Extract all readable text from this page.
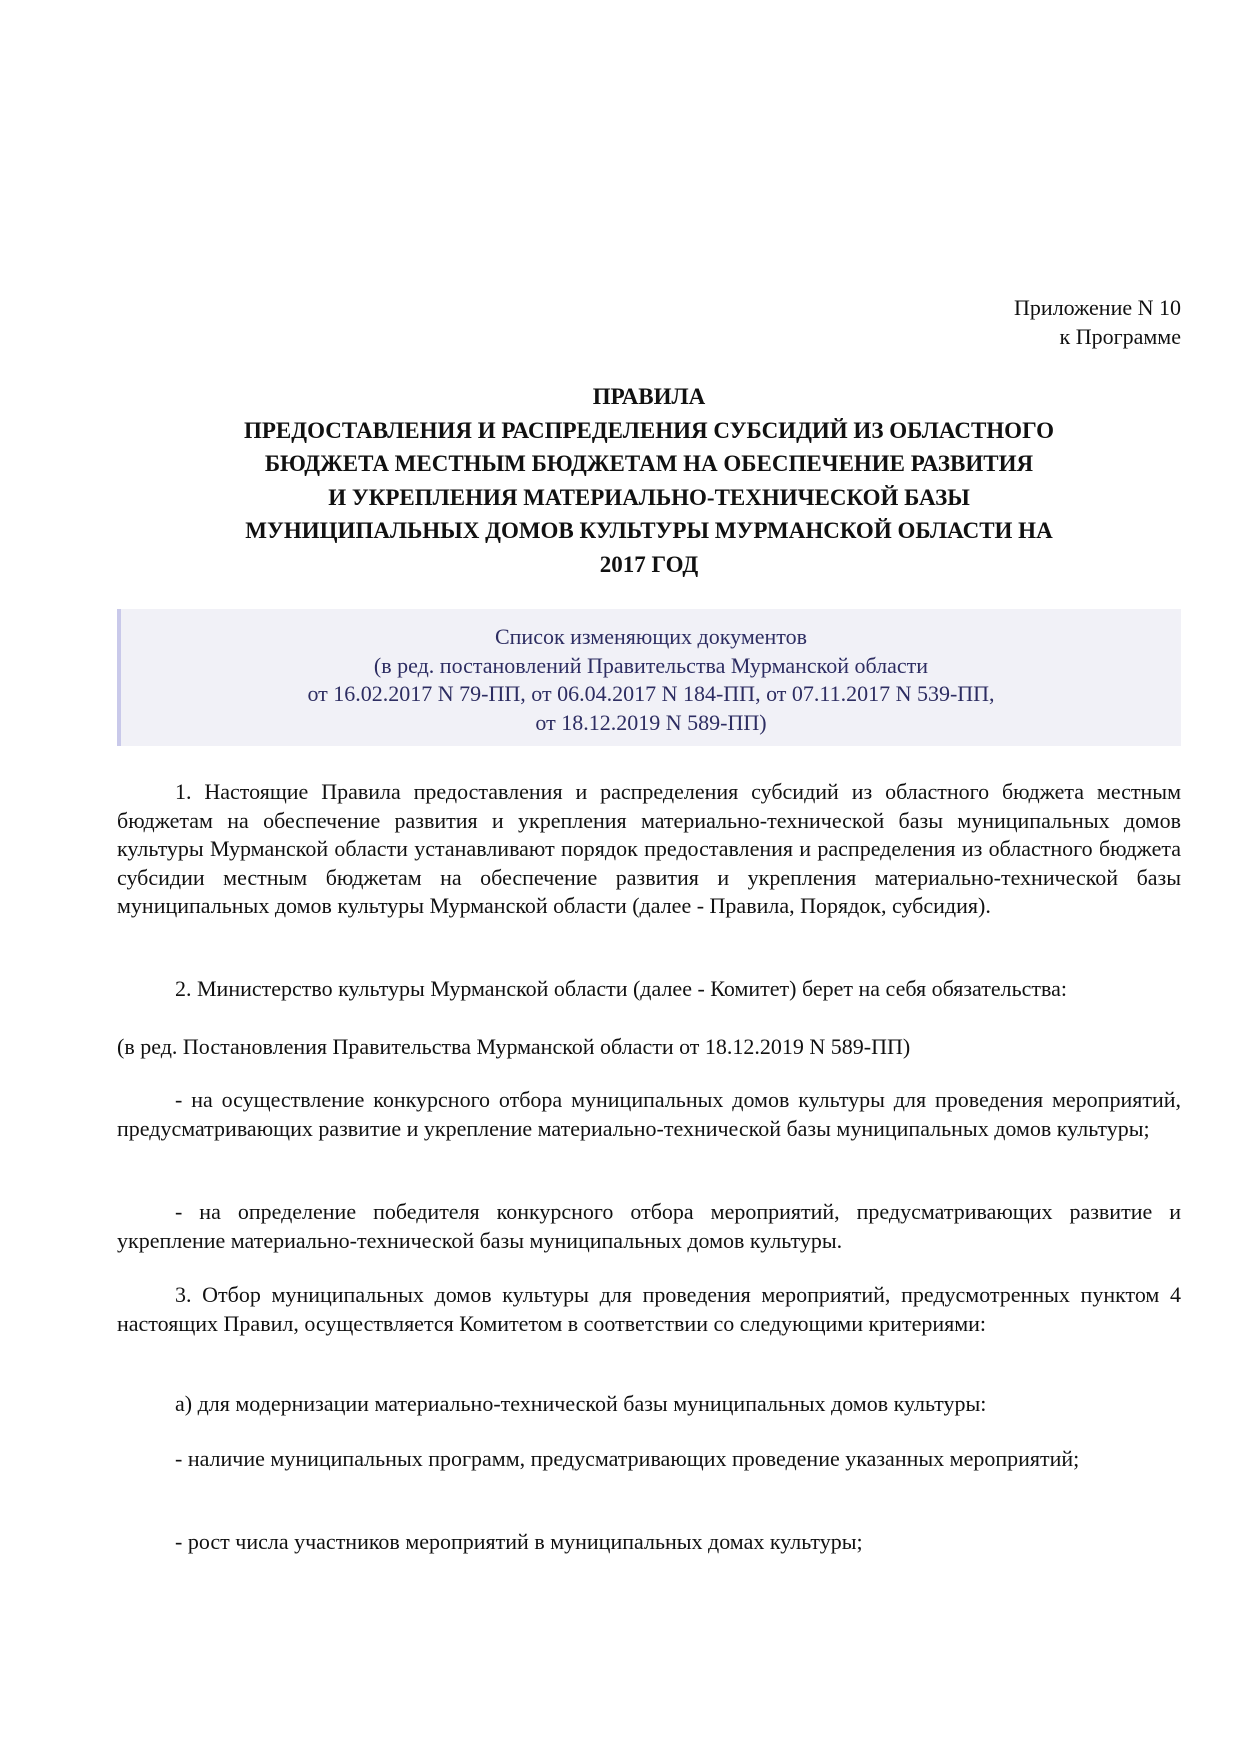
Приложение N 10
к Программе
ПРАВИЛА
ПРЕДОСТАВЛЕНИЯ И РАСПРЕДЕЛЕНИЯ СУБСИДИЙ ИЗ ОБЛАСТНОГО
БЮДЖЕТА МЕСТНЫМ БЮДЖЕТАМ НА ОБЕСПЕЧЕНИЕ РАЗВИТИЯ
И УКРЕПЛЕНИЯ МАТЕРИАЛЬНО-ТЕХНИЧЕСКОЙ БАЗЫ
МУНИЦИПАЛЬНЫХ ДОМОВ КУЛЬТУРЫ МУРМАНСКОЙ ОБЛАСТИ НА
2017 ГОД
Список изменяющих документов
(в ред. постановлений Правительства Мурманской области
от 16.02.2017 N 79-ПП, от 06.04.2017 N 184-ПП, от 07.11.2017 N 539-ПП,
от 18.12.2019 N 589-ПП)
1. Настоящие Правила предоставления и распределения субсидий из областного бюджета местным бюджетам на обеспечение развития и укрепления материально-технической базы муниципальных домов культуры Мурманской области устанавливают порядок предоставления и распределения из областного бюджета субсидии местным бюджетам на обеспечение развития и укрепления материально-технической базы муниципальных домов культуры Мурманской области (далее - Правила, Порядок, субсидия).
2. Министерство культуры Мурманской области (далее - Комитет) берет на себя обязательства:
(в ред. Постановления Правительства Мурманской области от 18.12.2019 N 589-ПП)
- на осуществление конкурсного отбора муниципальных домов культуры для проведения мероприятий, предусматривающих развитие и укрепление материально-технической базы муниципальных домов культуры;
- на определение победителя конкурсного отбора мероприятий, предусматривающих развитие и укрепление материально-технической базы муниципальных домов культуры.
3. Отбор муниципальных домов культуры для проведения мероприятий, предусмотренных пунктом 4 настоящих Правил, осуществляется Комитетом в соответствии со следующими критериями:
а) для модернизации материально-технической базы муниципальных домов культуры:
- наличие муниципальных программ, предусматривающих проведение указанных мероприятий;
- рост числа участников мероприятий в муниципальных домах культуры;
